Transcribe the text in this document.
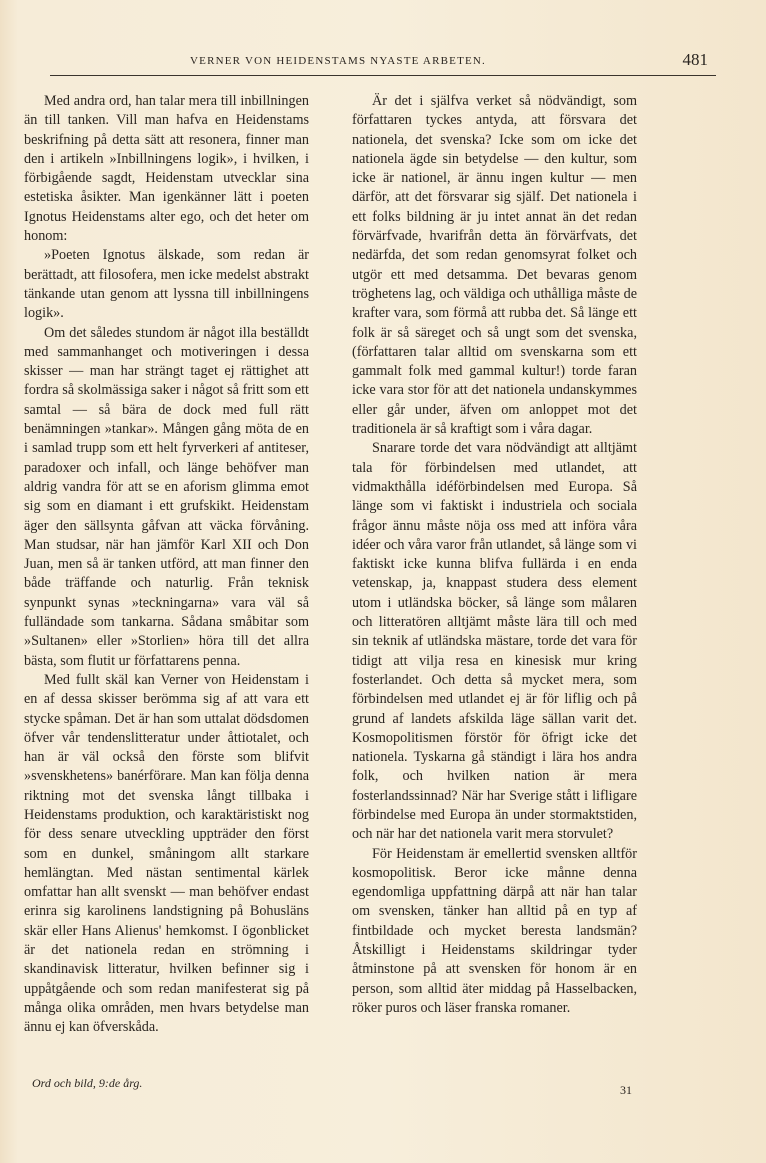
VERNER VON HEIDENSTAMS NYASTE ARBETEN.	481

Med andra ord, han talar mera till inbillningen än till tanken. Vill man hafva en Heidenstams beskrifning på detta sätt att resonera, finner man den i artikeln »Inbillningens logik», i hvilken, i förbigående sagdt, Heidenstam utvecklar sina estetiska åsikter. Man igenkänner lätt i poeten Ignotus Heidenstams alter ego, och det heter om honom:

»Poeten Ignotus älskade, som redan är berättadt, att filosofera, men icke medelst abstrakt tänkande utan genom att lyssna till inbillningens logik».

Om det således stundom är något illa beställdt med sammanhanget och motiveringen i dessa skisser — man har strängt taget ej rättighet att fordra så skolmässiga saker i något så fritt som ett samtal — så bära de dock med full rätt benämningen »tankar». Mången gång möta de en i samlad trupp som ett helt fyrverkeri af antiteser, paradoxer och infall, och länge behöfver man aldrig vandra för att se en aforism glimma emot sig som en diamant i ett grufskikt. Heidenstam äger den sällsynta gåfvan att väcka förvåning. Man studsar, när han jämför Karl XII och Don Juan, men så är tanken utförd, att man finner den både träffande och naturlig. Från teknisk synpunkt synas »teckningarna» vara väl så fulländade som tankarna. Sådana småbitar som »Sultanen» eller »Storlien» höra till det allra bästa, som flutit ur författarens penna.

Med fullt skäl kan Verner von Heidenstam i en af dessa skisser berömma sig af att vara ett stycke spåman. Det är han som uttalat dödsdomen öfver vår tendenslitteratur under åttiotalet, och han är väl också den förste som blifvit »svenskhetens» banérförare. Man kan följa denna riktning mot det svenska långt tillbaka i Heidenstams produktion, och karaktäristiskt nog för dess senare utveckling uppträder den först som en dunkel, småningom allt starkare hemlängtan. Med nästan sentimental kärlek omfattar han allt svenskt — man behöfver endast erinra sig karolinens landstigning på Bohusläns skär eller Hans Alienus' hemkomst. I ögonblicket är det nationela redan en strömning i skandinavisk litteratur, hvilken befinner sig i uppåtgående och som redan manifesterat sig på många olika områden, men hvars betydelse man ännu ej kan öfverskåda.

Är det i själfva verket så nödvändigt, som författaren tyckes antyda, att försvara det nationela, det svenska? Icke som om icke det nationela ägde sin betydelse — den kultur, som icke är nationel, är ännu ingen kultur — men därför, att det försvarar sig själf. Det nationela i ett folks bildning är ju intet annat än det redan förvärfvade, hvarifrån detta än förvärfvats, det nedärfda, det som redan genomsyrat folket och utgör ett med detsamma. Det bevaras genom tröghetens lag, och väldiga och uthålliga måste de krafter vara, som förmå att rubba det. Så länge ett folk är så säreget och så ungt som det svenska, (författaren talar alltid om svenskarna som ett gammalt folk med gammal kultur!) torde faran icke vara stor för att det nationela undanskymmes eller går under, äfven om anloppet mot det traditionela är så kraftigt som i våra dagar.

Snarare torde det vara nödvändigt att alltjämt tala för förbindelsen med utlandet, att vidmakthålla idéförbindelsen med Europa. Så länge som vi faktiskt i industriela och sociala frågor ännu måste nöja oss med att införa våra idéer och våra varor från utlandet, så länge som vi faktiskt icke kunna blifva fullärda i en enda vetenskap, ja, knappast studera dess element utom i utländska böcker, så länge som målaren och litteratören alltjämt måste lära till och med sin teknik af utländska mästare, torde det vara för tidigt att vilja resa en kinesisk mur kring fosterlandet. Och detta så mycket mera, som förbindelsen med utlandet ej är för liflig och på grund af landets afskilda läge sällan varit det. Kosmopolitismen förstör för öfrigt icke det nationela. Tyskarna gå ständigt i lära hos andra folk, och hvilken nation är mera fosterlandssinnad? När har Sverige stått i lifligare förbindelse med Europa än under stormaktstiden, och när har det nationela varit mera storvulet?

För Heidenstam är emellertid svensken alltför kosmopolitisk. Beror icke månne denna egendomliga uppfattning därpå att när han talar om svensken, tänker han alltid på en typ af fintbildade och mycket beresta landsmän? Åtskilligt i Heidenstams skildringar tyder åtminstone på att svensken för honom är en person, som alltid äter middag på Hasselbacken, röker puros och läser franska romaner.

Ord och bild, 9:de årg.	31
